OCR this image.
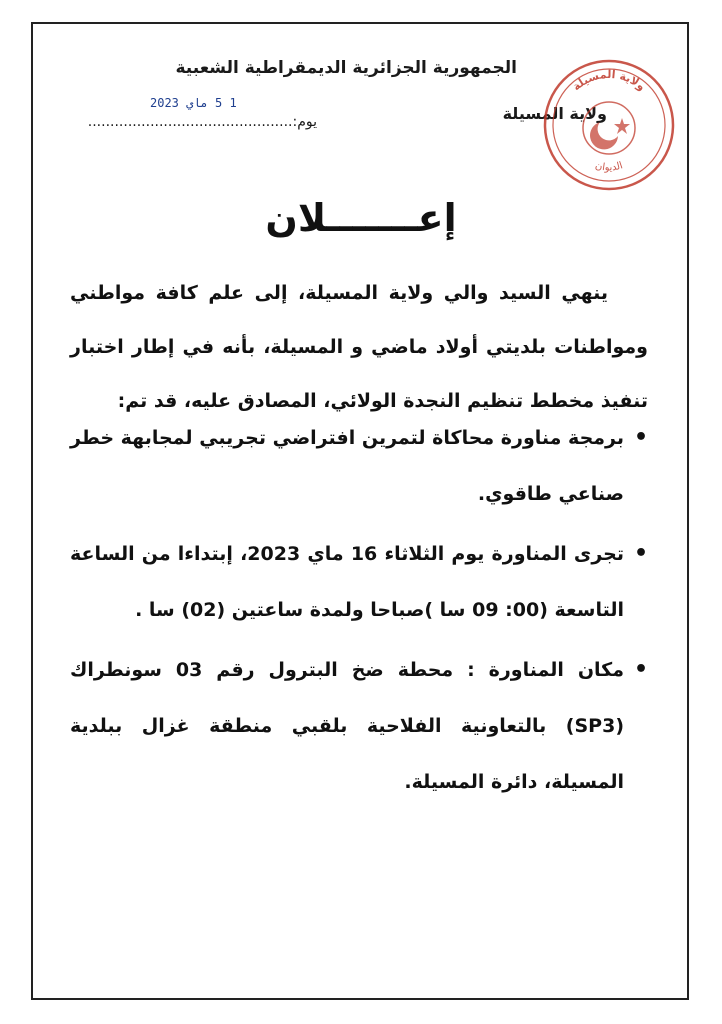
الجمهورية الجزائرية الديمقراطية الشعبية
1 5 ماي 2023
يوم:..............................................	ولاية المسيلة
ولاية المسيلة
الديوان
إعـــــــلان
ينهي السيد والي ولاية المسيلة، إلى علم كافة مواطني ومواطنات بلديتي أولاد ماضي و المسيلة، بأنه في إطار اختبار تنفيذ مخطط تنظيم النجدة الولائي، المصادق عليه، قد تم:
•
برمجة مناورة محاكاة لتمرين افتراضي تجريبي لمجابهة خطر صناعي طاقوي.
•
تجرى المناورة يوم الثلاثاء 16 ماي 2023، إبتداءا من الساعة التاسعة (00: 09 سا )صباحا ولمدة ساعتين (02) سا .
•
مكان المناورة : محطة ضخ البترول رقم 03 سونطراك (SP3) بالتعاونية الفلاحية بلقبي منطقة غزال ببلدية المسيلة، دائرة المسيلة.
